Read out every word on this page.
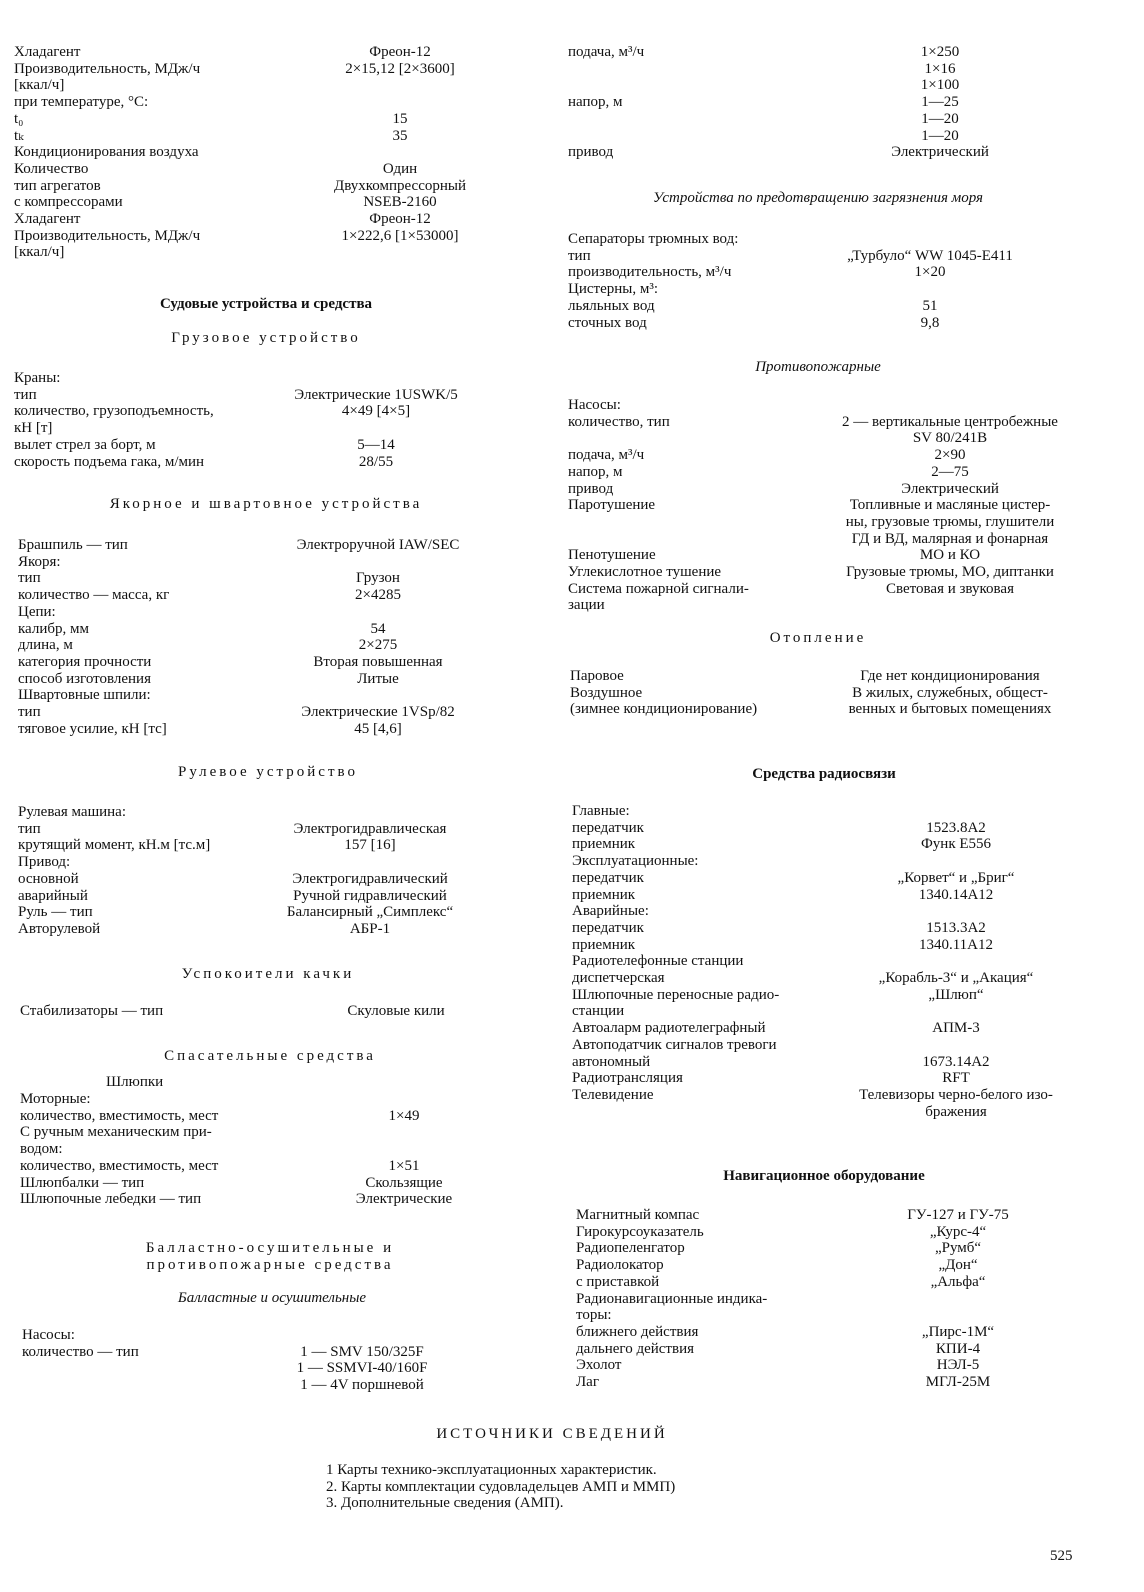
Хладагент	Фреон-12
Производительность, МДж/ч	2×15,12 [2×3600]
[ккал/ч]
при температуре, °С:
t₀	15
tₖ	35
Кондиционирования воздуха
Количество	Один
тип агрегатов	Двухкомпрессорный
с компрессорами	NSEB-2160
Хладагент	Фреон-12
Производительность, МДж/ч	1×222,6 [1×53000]
[ккал/ч]
Судовые устройства и средства
Грузовое устройство
Краны:
тип	Электрические 1USWK/5
количество, грузоподъемность,	4×49 [4×5]
кН [т]
вылет стрел за борт, м	5—14
скорость подъема гака, м/мин	28/55
Якорное и швартовное устройства
Брашпиль — тип	Электроручной IAW/SEC
Якоря:
тип	Грузон
количество — масса, кг	2×4285
Цепи:
калибр, мм	54
длина, м	2×275
категория прочности	Вторая повышенная
способ изготовления	Литые
Швартовные шпили:
тип	Электрические 1VSp/82
тяговое усилие, кН [тс]	45 [4,6]
Рулевое устройство
Рулевая машина:
тип	Электрогидравлическая
крутящий момент, кН.м [тс.м]	157 [16]
Привод:
основной	Электрогидравлический
аварийный	Ручной гидравлический
Руль — тип	Балансирный „Симплекс“
Авторулевой	АБР-1
Успокоители качки
Стабилизаторы — тип	Скуловые кили
Спасательные средства
Шлюпки
Моторные:
количество, вместимость, мест	1×49
С ручным механическим при-
водом:
количество, вместимость, мест	1×51
Шлюпбалки — тип	Скользящие
Шлюпочные лебедки — тип	Электрические
Балластно-осушительные и
противопожарные средства
Балластные и осушительные
Насосы:
количество — тип	1 — SMV 150/325F
1 — SSMVI-40/160F
1 — 4V поршневой
подача, м³/ч	1×250
1×16
1×100
напор, м	1—25
1—20
1—20
привод	Электрический
Устройства по предотвращению загрязнения моря
Сепараторы трюмных вод:
тип	„Турбуло“ WW 1045-E411
производительность, м³/ч	1×20
Цистерны, м³:
льяльных вод	51
сточных вод	9,8
Противопожарные
Насосы:
количество, тип	2 — вертикальные центробежные
SV 80/241B
подача, м³/ч	2×90
напор, м	2—75
привод	Электрический
Паротушение	Топливные и масляные цистер-
ны, грузовые трюмы, глушители
ГД и ВД, малярная и фонарная
Пенотушение	МО и КО
Углекислотное тушение	Грузовые трюмы, МО, диптанки
Система пожарной сигнали-	Световая и звуковая
зации
Отопление
Паровое	Где нет кондиционирования
Воздушное	В жилых, служебных, общест-
(зимнее кондиционирование)	венных и бытовых помещениях
Средства радиосвязи
Главные:
передатчик	1523.8А2
приемник	Функ Е556
Эксплуатационные:
передатчик	„Корвет“ и „Бриг“
приемник	1340.14А12
Аварийные:
передатчик	1513.3А2
приемник	1340.11А12
Радиотелефонные станции
диспетчерская	„Корабль-3“ и „Акация“
Шлюпочные переносные радио-	„Шлюп“
станции
Автоаларм радиотелеграфный	АПМ-3
Автоподатчик сигналов тревоги
автономный	1673.14А2
Радиотрансляция	RFT
Телевидение	Телевизоры черно-белого изо-
бражения
Навигационное оборудование
Магнитный компас	ГУ-127 и ГУ-75
Гирокурсоуказатель	„Курс-4“
Радиопеленгатор	„Румб“
Радиолокатор	„Дон“
с приставкой	„Альфа“
Радионавигационные индика-
торы:
ближнего действия	„Пирс-1М“
дальнего действия	КПИ-4
Эхолот	НЭЛ-5
Лаг	МГЛ-25М
ИСТОЧНИКИ СВЕДЕНИЙ
1 Карты технико-эксплуатационных характеристик.
2. Карты комплектации судовладельцев АМП и ММП)
3. Дополнительные сведения (АМП).
525
